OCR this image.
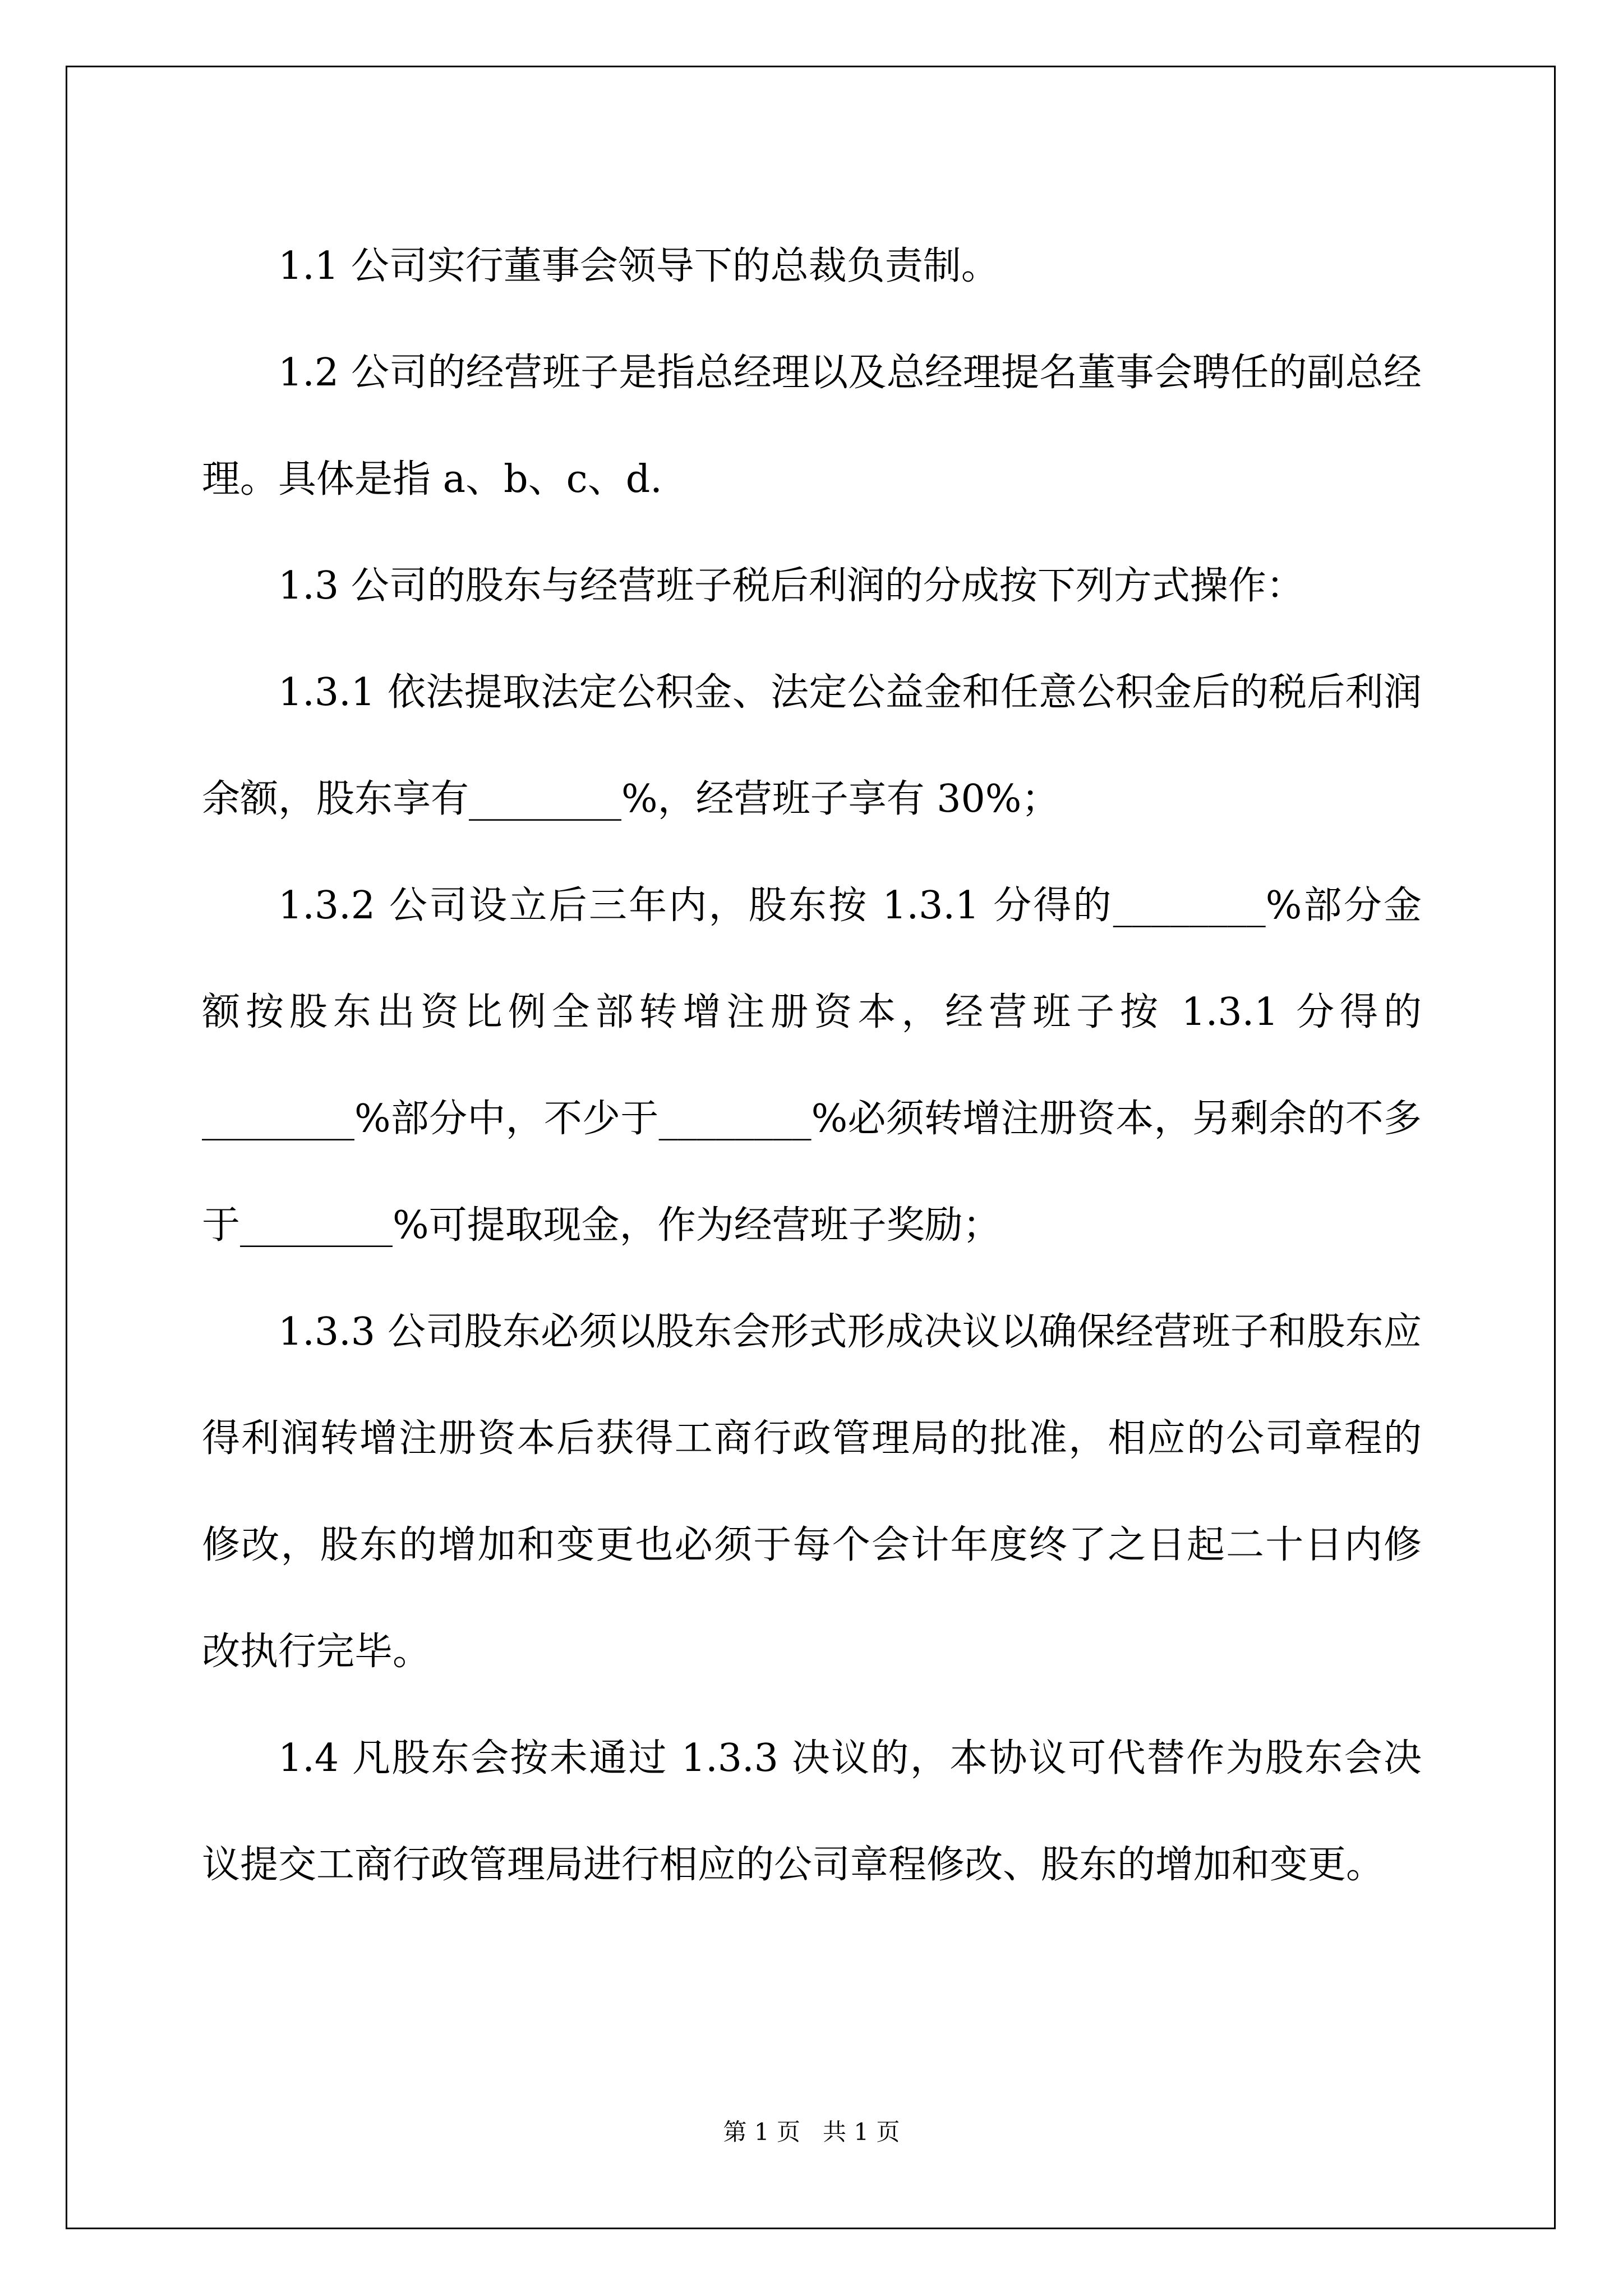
1.1 公司实行董事会领导下的总裁负责制。

1.2 公司的经营班子是指总经理以及总经理提名董事会聘任的副总经理。具体是指 a、b、c、d.

1.3 公司的股东与经营班子税后利润的分成按下列方式操作：

1.3.1 依法提取法定公积金、法定公益金和任意公积金后的税后利润余额，股东享有________%，经营班子享有 30%；

1.3.2 公司设立后三年内，股东按 1.3.1 分得的________%部分金额按股东出资比例全部转增注册资本，经营班子按 1.3.1 分得的________%部分中，不少于________%必须转增注册资本，另剩余的不多于________%可提取现金，作为经营班子奖励；

1.3.3 公司股东必须以股东会形式形成决议以确保经营班子和股东应得利润转增注册资本后获得工商行政管理局的批准，相应的公司章程的修改，股东的增加和变更也必须于每个会计年度终了之日起二十日内修改执行完毕。

1.4 凡股东会按未通过 1.3.3 决议的，本协议可代替作为股东会决议提交工商行政管理局进行相应的公司章程修改、股东的增加和变更。

第 1 页   共 1 页
